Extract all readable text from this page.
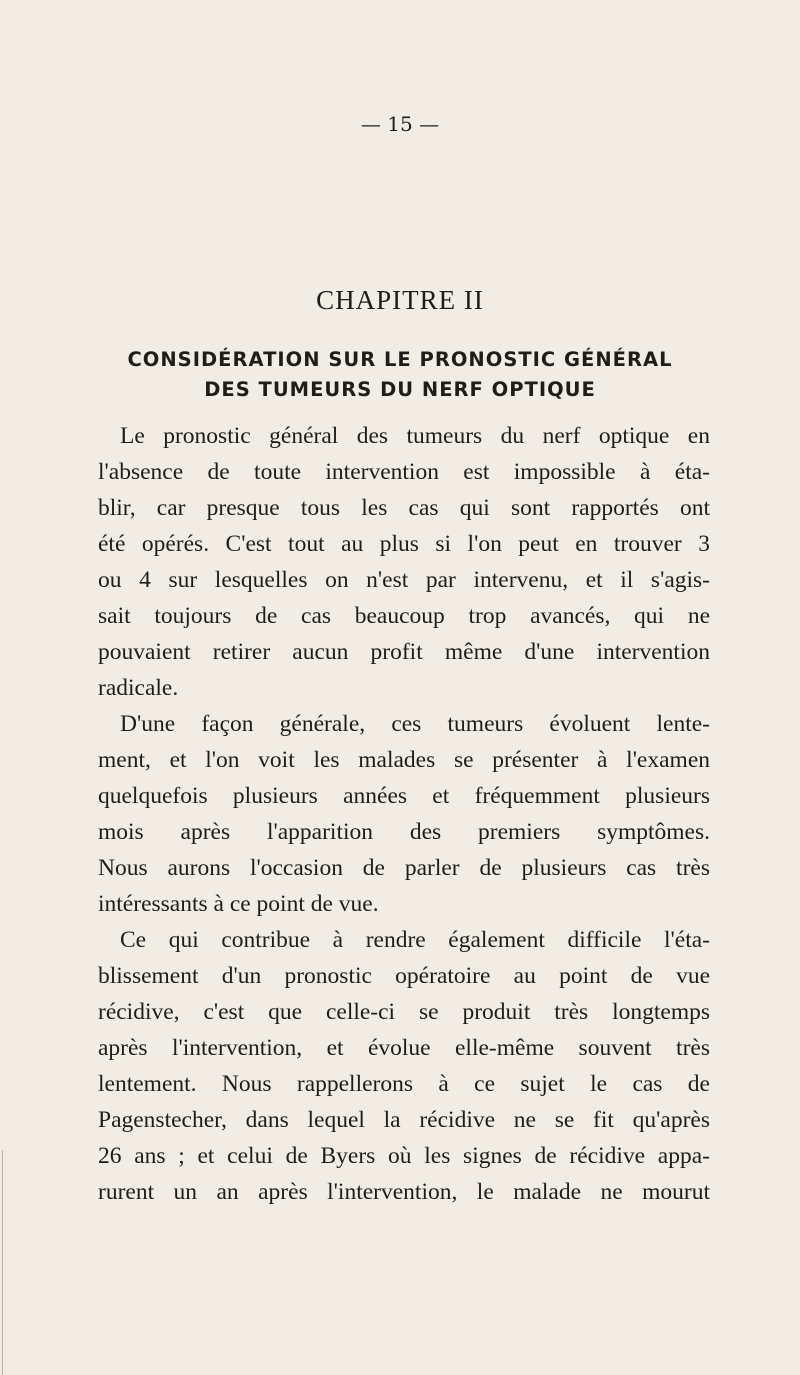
— 15 —
CHAPITRE II
CONSIDÉRATION SUR LE PRONOSTIC GÉNÉRAL
DES TUMEURS DU NERF OPTIQUE
Le pronostic général des tumeurs du nerf optique en
l'absence de toute intervention est impossible à éta-
blir, car presque tous les cas qui sont rapportés ont
été opérés. C'est tout au plus si l'on peut en trouver 3
ou 4 sur lesquelles on n'est par intervenu, et il s'agis-
sait toujours de cas beaucoup trop avancés, qui ne
pouvaient retirer aucun profit même d'une intervention
radicale.
D'une façon générale, ces tumeurs évoluent lente-
ment, et l'on voit les malades se présenter à l'examen
quelquefois plusieurs années et fréquemment plusieurs
mois après l'apparition des premiers symptômes.
Nous aurons l'occasion de parler de plusieurs cas très
intéressants à ce point de vue.
Ce qui contribue à rendre également difficile l'éta-
blissement d'un pronostic opératoire au point de vue
récidive, c'est que celle-ci se produit très longtemps
après l'intervention, et évolue elle-même souvent très
lentement. Nous rappellerons à ce sujet le cas de
Pagenstecher, dans lequel la récidive ne se fit qu'après
26 ans ; et celui de Byers où les signes de récidive appa-
rurent un an après l'intervention, le malade ne mourut
